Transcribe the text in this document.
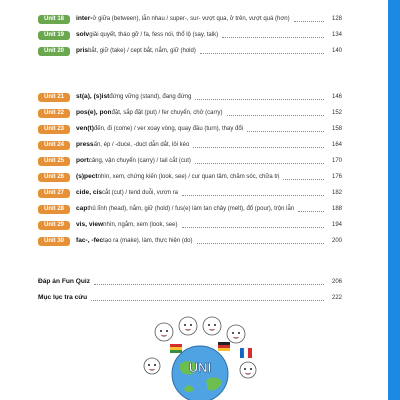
Unit 18	inter- ở giữa (between), lẫn nhau / super-, sur- vượt qua, ở trên, vượt quá (hơn)	128
Unit 19	solv giải quyết, tháo gỡ / fa, fess nói, thổ lộ (say, talk)	134
Unit 20	pris bắt, giữ (take) / cept bắt, nắm, giữ (hold)	140
Unit 21	st(a), (s)ist đứng vững (stand), đang đứng	146
Unit 22	pos(e), pon đặt, sắp đặt (put) / fer chuyển, chở (carry)	152
Unit 23	ven(t) đến, đi (come) / ver xoay vòng, quay đầu (turn), thay đổi	158
Unit 24	press ấn, ép / -duce, -duct dẫn dắt, lôi kéo	164
Unit 25	port cảng, vận chuyển (carry) / tail cắt (cut)	170
Unit 26	(s)pect nhìn, xem, chứng kiến (look, see) / cur quan tâm, chăm sóc, chữa trị	176
Unit 27	cide, cis cắt (cut) / tend duỗi, vươn ra	182
Unit 28	cap thủ lĩnh (head), nắm, giữ (hold) / fus(e) làm tan chảy (melt), đổ (pour), trộn lẫn	188
Unit 29	vis, view nhìn, ngắm, xem (look, see)	194
Unit 30	fac-, -fec tạo ra (make), làm, thực hiện (do)	200
Đáp án Fun Quiz	206
Mục lục tra cứu	222
UNI
